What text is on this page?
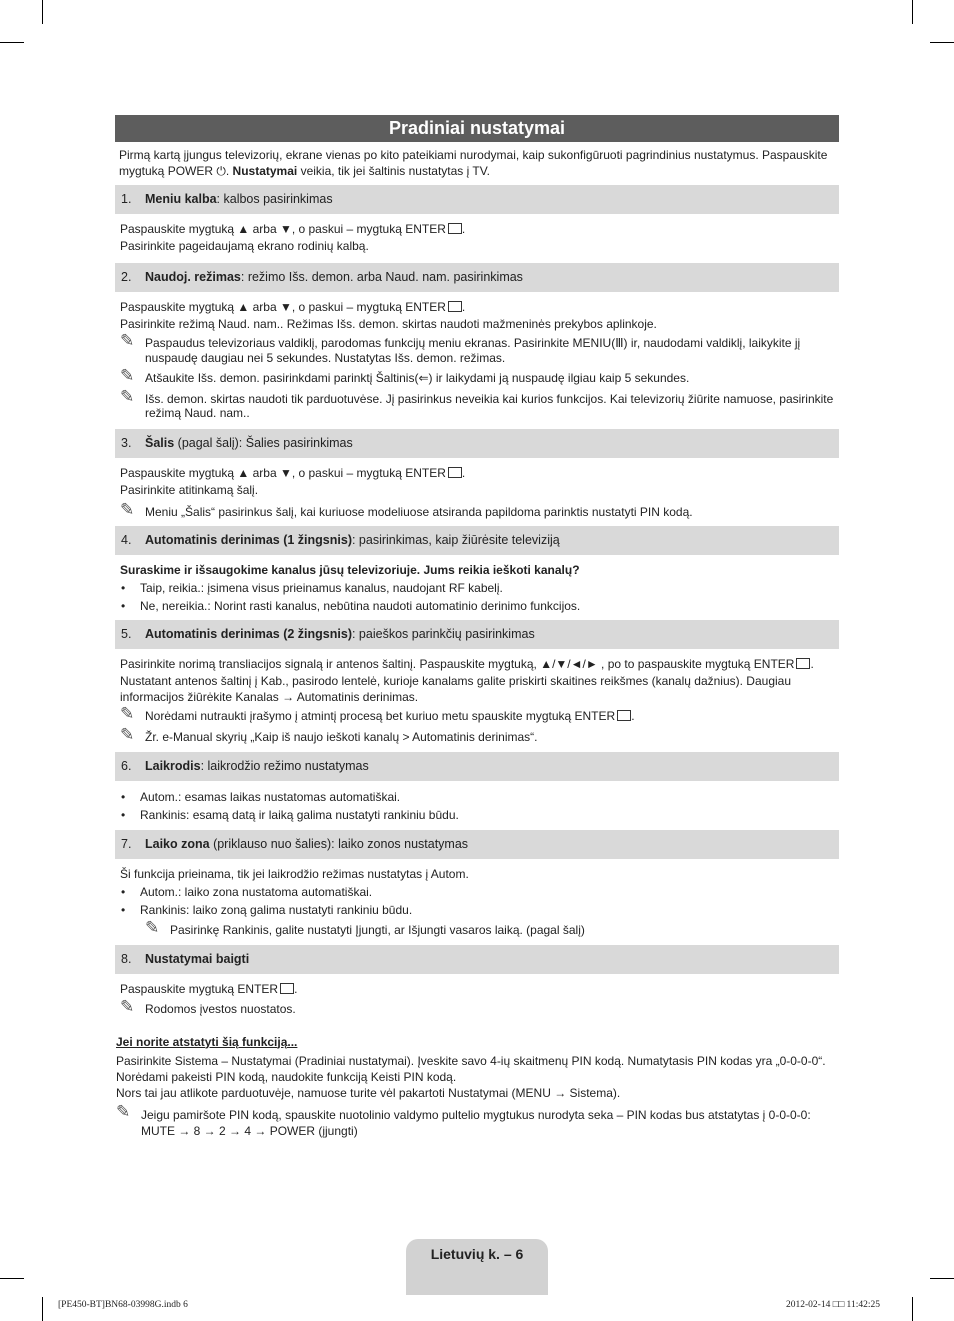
Pradiniai nustatymai
Pirmą kartą įjungus televizorių, ekrane vienas po kito pateikiami nurodymai, kaip sukonfigūruoti pagrindinius nustatymus. Paspauskite
mygtuką POWER ⏻. Nustatymai veikia, tik jei šaltinis nustatytas į TV.
1. Meniu kalba: kalbos pasirinkimas
Paspauskite mygtuką ▲ arba ▼, o paskui – mygtuką ENTER .
Pasirinkite pageidaujamą ekrano rodinių kalbą.
2. Naudoj. režimas: režimo Išs. demon. arba Naud. nam. pasirinkimas
Paspauskite mygtuką ▲ arba ▼, o paskui – mygtuką ENTER .
Pasirinkite režimą Naud. nam.. Režimas Išs. demon. skirtas naudoti mažmeninės prekybos aplinkoje.
✎ Paspaudus televizoriaus valdiklį, parodomas funkcijų meniu ekranas. Pasirinkite MENIU(Ⅲ) ir, naudodami valdiklį, laikykite jį nuspaudę daugiau nei 5 sekundes. Nustatytas Išs. demon. režimas.
✎ Atšaukite Išs. demon. pasirinkdami parinktį Šaltinis(⇐) ir laikydami ją nuspaudę ilgiau kaip 5 sekundes.
✎ Išs. demon. skirtas naudoti tik parduotuvėse. Jį pasirinkus neveikia kai kurios funkcijos. Kai televizorių žiūrite namuose, pasirinkite režimą Naud. nam..
3. Šalis (pagal šalį): Šalies pasirinkimas
Paspauskite mygtuką ▲ arba ▼, o paskui – mygtuką ENTER .
Pasirinkite atitinkamą šalį.
✎ Meniu „Šalis“ pasirinkus šalį, kai kuriuose modeliuose atsiranda papildoma parinktis nustatyti PIN kodą.
4. Automatinis derinimas (1 žingsnis): pasirinkimas, kaip žiūrėsite televiziją
Suraskime ir išsaugokime kanalus jūsų televizoriuje. Jums reikia ieškoti kanalų?
• Taip, reikia.: įsimena visus prieinamus kanalus, naudojant RF kabelį.
• Ne, nereikia.: Norint rasti kanalus, nebūtina naudoti automatinio derinimo funkcijos.
5. Automatinis derinimas (2 žingsnis): paieškos parinkčių pasirinkimas
Pasirinkite norimą transliacijos signalą ir antenos šaltinį. Paspauskite mygtuką, ▲/▼/◄/► , po to paspauskite mygtuką ENTER .
Nustatant antenos šaltinį į Kab., pasirodo lentelė, kurioje kanalams galite priskirti skaitines reikšmes (kanalų dažnius). Daugiau informacijos žiūrėkite Kanalas → Automatinis derinimas.
✎ Norėdami nutraukti įrašymo į atmintį procesą bet kuriuo metu spauskite mygtuką ENTER .
✎ Žr. e-Manual skyrių „Kaip iš naujo ieškoti kanalų > Automatinis derinimas“.
6. Laikrodis: laikrodžio režimo nustatymas
• Autom.: esamas laikas nustatomas automatiškai.
• Rankinis: esamą datą ir laiką galima nustatyti rankiniu būdu.
7. Laiko zona (priklauso nuo šalies): laiko zonos nustatymas
Ši funkcija prieinama, tik jei laikrodžio režimas nustatytas į Autom.
• Autom.: laiko zona nustatoma automatiškai.
• Rankinis: laiko zoną galima nustatyti rankiniu būdu.
✎ Pasirinkę Rankinis, galite nustatyti Įjungti, ar Išjungti vasaros laiką. (pagal šalį)
8. Nustatymai baigti
Paspauskite mygtuką ENTER .
✎ Rodomos įvestos nuostatos.
Jei norite atstatyti šią funkciją...
Pasirinkite Sistema – Nustatymai (Pradiniai nustatymai). Įveskite savo 4-ių skaitmenų PIN kodą. Numatytasis PIN kodas yra „0-0-0-0“. Norėdami pakeisti PIN kodą, naudokite funkciją Keisti PIN kodą.
Nors tai jau atlikote parduotuvėje, namuose turite vėl pakartoti Nustatymai (MENU → Sistema).
✎ Jeigu pamiršote PIN kodą, spauskite nuotolinio valdymo pultelio mygtukus nurodyta seka – PIN kodas bus atstatytas į 0-0-0-0: MUTE → 8 → 2 → 4 → POWER (įjungti)
Lietuvių k. – 6
[PE450-BT]BN68-03998G.indb 6	2012-02-14 □□ 11:42:25
